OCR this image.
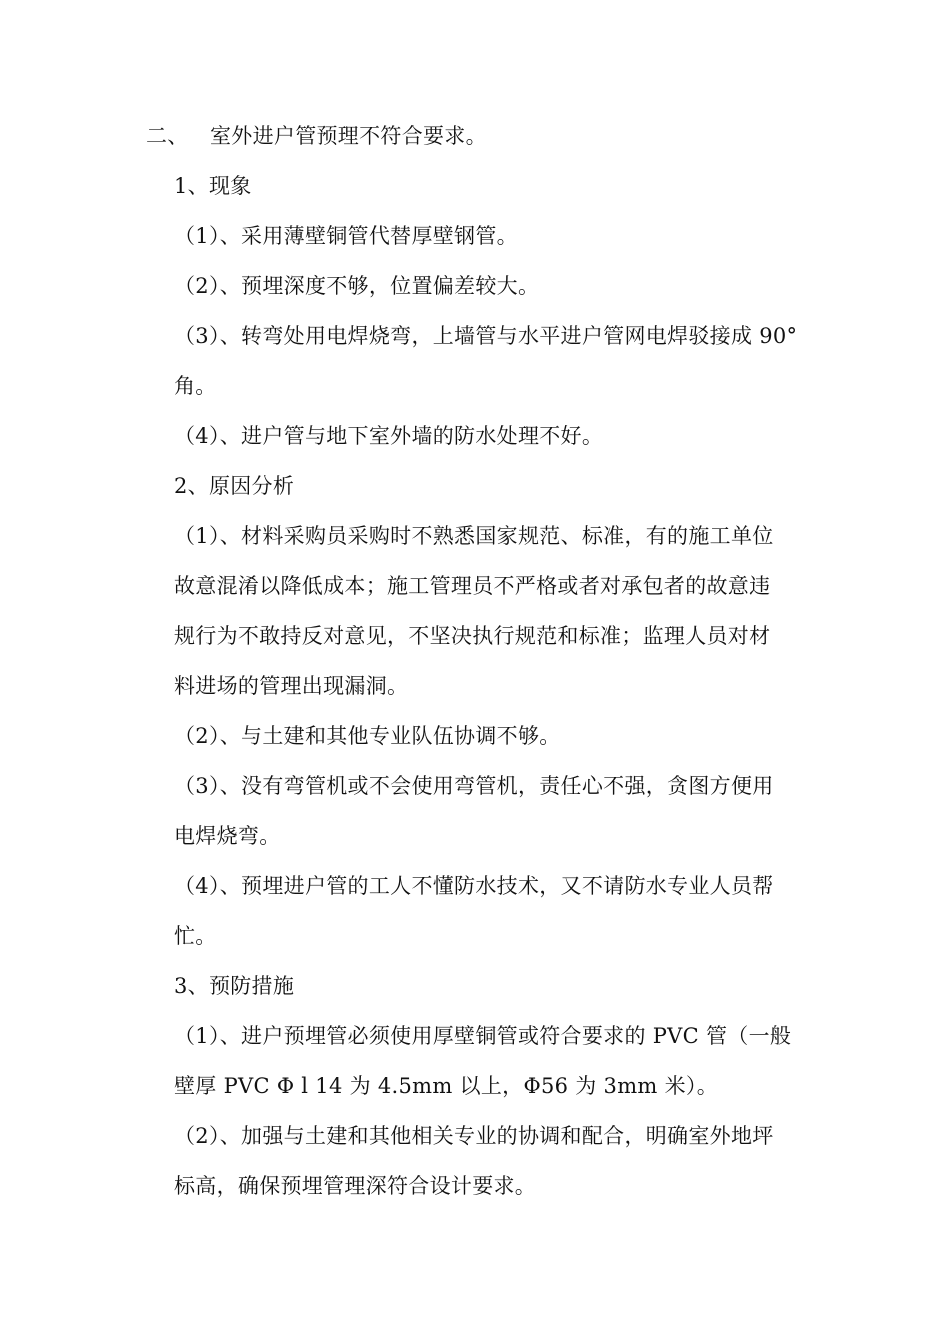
二、 室外进户管预理不符合要求。
1、现象
（1）、采用薄壁铜管代替厚壁钢管。
（2）、预埋深度不够，位置偏差较大。
（3）、转弯处用电焊烧弯，上墙管与水平进户管网电焊驳接成 90°
角。
（4）、进户管与地下室外墙的防水处理不好。
2、原因分析
（1）、材料采购员采购时不熟悉国家规范、标准，有的施工单位
故意混淆以降低成本；施工管理员不严格或者对承包者的故意违
规行为不敢持反对意见，不坚决执行规范和标准；监理人员对材
料进场的管理出现漏洞。
（2）、与土建和其他专业队伍协调不够。
（3）、没有弯管机或不会使用弯管机，责任心不强，贪图方便用
电焊烧弯。
（4）、预埋进户管的工人不懂防水技术，又不请防水专业人员帮
忙。
3、预防措施
（1）、进户预埋管必须使用厚壁铜管或符合要求的 PVC 管（一般
壁厚 PVC Φ l 14 为 4.5mm 以上，Φ56 为 3mm 米）。
（2）、加强与土建和其他相关专业的协调和配合，明确室外地坪
标高，确保预埋管理深符合设计要求。
